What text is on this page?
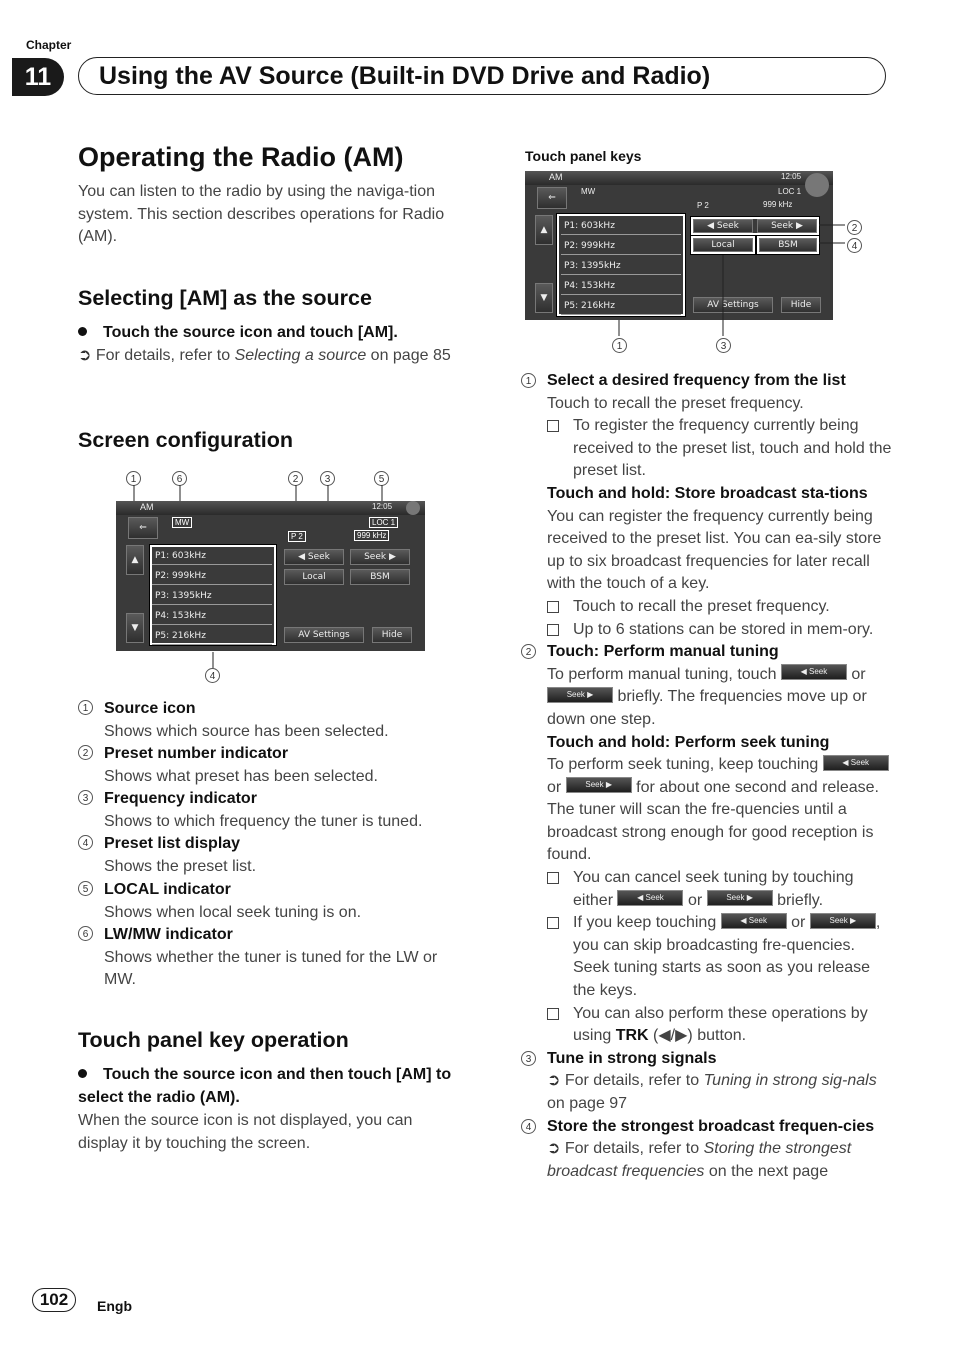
Chapter
11	Using the AV Source (Built-in DVD Drive and Radio)
Operating the Radio (AM)
You can listen to the radio by using the naviga-tion system. This section describes operations for Radio (AM).
Selecting [AM] as the source
Touch the source icon and touch [AM].
➲ For details, refer to Selecting a source on page 85
Screen configuration
1	6	2	3	5
4
AM	12:05
⇐
MW
P 2
LOC 1
999 kHz
▲
▼
P1: 603kHz
P2: 999kHz
P3: 1395kHz
P4: 153kHz
P5: 216kHz
◀ Seek	Seek ▶
Local	BSM
AV Settings	Hide
1 Source icon
Shows which source has been selected.
2 Preset number indicator
Shows what preset has been selected.
3 Frequency indicator
Shows to which frequency the tuner is tuned.
4 Preset list display
Shows the preset list.
5 LOCAL indicator
Shows when local seek tuning is on.
6 LW/MW indicator
Shows whether the tuner is tuned for the LW or MW.
Touch panel key operation
Touch the source icon and then touch [AM] to select the radio (AM).
When the source icon is not displayed, you can display it by touching the screen.
Touch panel keys
AM	12:05
⇐
MW
P 2
LOC 1
999 kHz
▲
▼
P1: 603kHz
P2: 999kHz
P3: 1395kHz
P4: 153kHz
P5: 216kHz
◀ Seek	Seek ▶
Local	BSM
AV Settings	Hide
2
4
1	3
1 Select a desired frequency from the list
Touch to recall the preset frequency.
To register the frequency currently being received to the preset list, touch and hold the preset list.
Touch and hold: Store broadcast sta-tions
You can register the frequency currently being received to the preset list. You can ea-sily store up to six broadcast frequencies for later recall with the touch of a key.
Touch to recall the preset frequency.
Up to 6 stations can be stored in mem-ory.
2 Touch: Perform manual tuning
To perform manual tuning, touch	◀ Seek or Seek ▶ briefly. The frequencies move up or down one step.
Touch and hold: Perform seek tuning
To perform seek tuning, keep touching	◀ Seek or	Seek ▶ for about one second and release. The tuner will scan the fre-quencies until a broadcast strong enough for good reception is found.
You can cancel seek tuning by touching either	◀ Seek or	Seek ▶ briefly.
If you keep touching	◀ Seek or	Seek ▶ , you can skip broadcasting fre-quencies. Seek tuning starts as soon as you release the keys.
You can also perform these operations by using TRK (◀/▶) button.
3 Tune in strong signals
➲ For details, refer to Tuning in strong sig-nals on page 97
4 Store the strongest broadcast frequen-cies
➲ For details, refer to Storing the strongest broadcast frequencies on the next page
102	Engb
